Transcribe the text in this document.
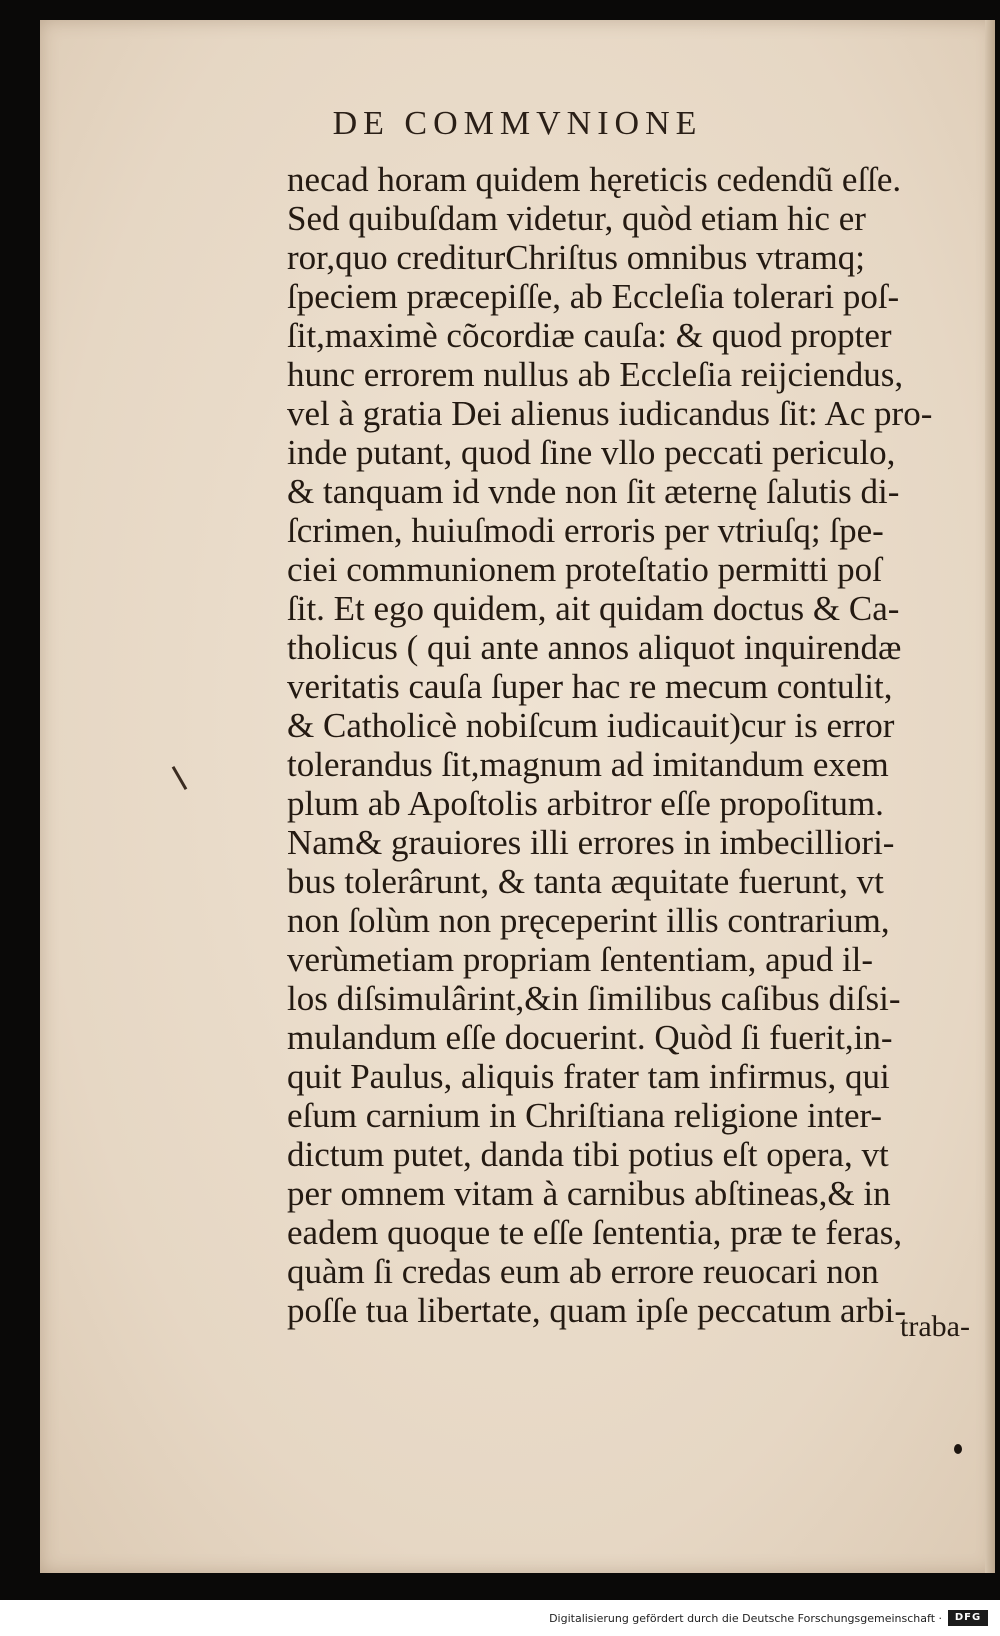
DE COMMVNIONE
necad horam quidem hęreticis cedendũ eſſe.
Sed quibuſdam videtur, quòd etiam hic er
ror,quo crediturChriſtus omnibus vtramq;
ſpeciem præcepiſſe, ab Eccleſia tolerari poſ-
ſit,maximè cõcordiæ cauſa: & quod propter
hunc errorem nullus ab Eccleſia reijciendus,
vel à gratia Dei alienus iudicandus ſit: Ac pro-
inde putant, quod ſine vllo peccati periculo,
& tanquam id vnde non ſit æternę ſalutis di-
ſcrimen, huiuſmodi erroris per vtriuſq; ſpe-
ciei communionem proteſtatio permitti poſ
ſit. Et ego quidem, ait quidam doctus & Ca-
tholicus ( qui ante annos aliquot inquirendæ
veritatis cauſa ſuper hac re mecum contulit,
& Catholicè nobiſcum iudicauit)cur is error
tolerandus ſit,magnum ad imitandum exem
plum ab Apoſtolis arbitror eſſe propoſitum.
Nam& grauiores illi errores in imbecilliori-
bus tolerârunt, & tanta æquitate fuerunt, vt
non ſolùm non pręceperint illis contrarium,
verùmetiam propriam ſententiam, apud il-
los diſsimulârint,&in ſimilibus caſibus diſsi-
mulandum eſſe docuerint. Quòd ſi fuerit,in-
quit Paulus, aliquis frater tam infirmus, qui
eſum carnium in Chriſtiana religione inter-
dictum putet, danda tibi potius eſt opera, vt
per omnem vitam à carnibus abſtineas,& in
eadem quoque te eſſe ſententia, præ te feras,
quàm ſi credas eum ab errore reuocari non
poſſe tua libertate, quam ipſe peccatum arbi-
traba-
Digitalisierung gefördert durch die Deutsche Forschungsgemeinschaft ·	DFG
